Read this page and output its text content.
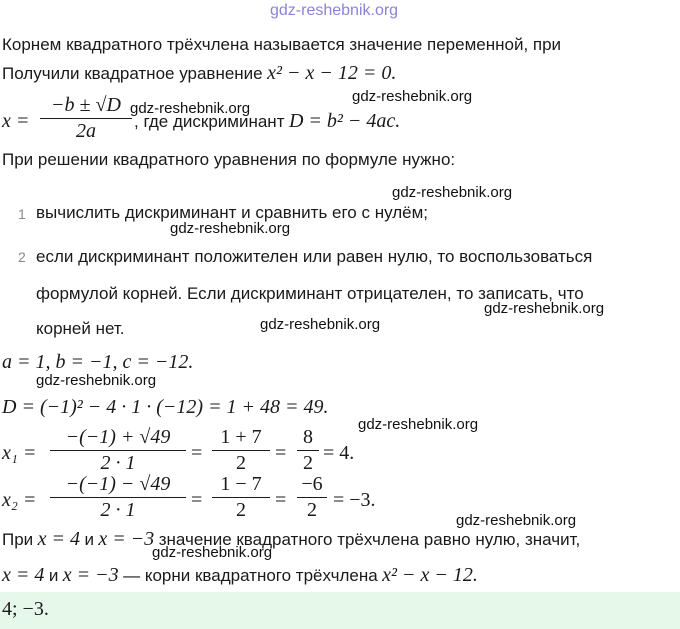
gdz-reshebnik.org
Корнем квадратного трёхчлена называется значение переменной, при
Получили квадратное уравнение x² − x − 12 = 0.
x =
−b ± √D
2a	, где дискриминант D = b² − 4ac.
При решении квадратного уравнения по формуле нужно:
1 вычислить дискриминант и сравнить его с нулём;
2 если дискриминант положителен или равен нулю, то воспользоваться
формулой корней. Если дискриминант отрицателен, то записать, что
корней нет.
a = 1, b = −1, c = −12.
D = (−1)² − 4 · 1 · (−12) = 1 + 48 = 49.
x₁ =
−(−1) + √49
2 · 1	=
1 + 7
2	=
8
2 = 4.
x₂ =
−(−1) − √49
2 · 1	=
1 − 7
2	=
−6
2 = −3.
При x = 4 и x = −3 значение квадратного трёхчлена равно нулю, значит,
x = 4 и x = −3 — корни квадратного трёхчлена x² − x − 12.
4; −3.
gdz-reshebnik.org
gdz-reshebnik.org
gdz-reshebnik.org
gdz-reshebnik.org
gdz-reshebnik.org
gdz-reshebnik.org
gdz-reshebnik.org
gdz-reshebnik.org
gdz-reshebnik.org
gdz-reshebnik.org
